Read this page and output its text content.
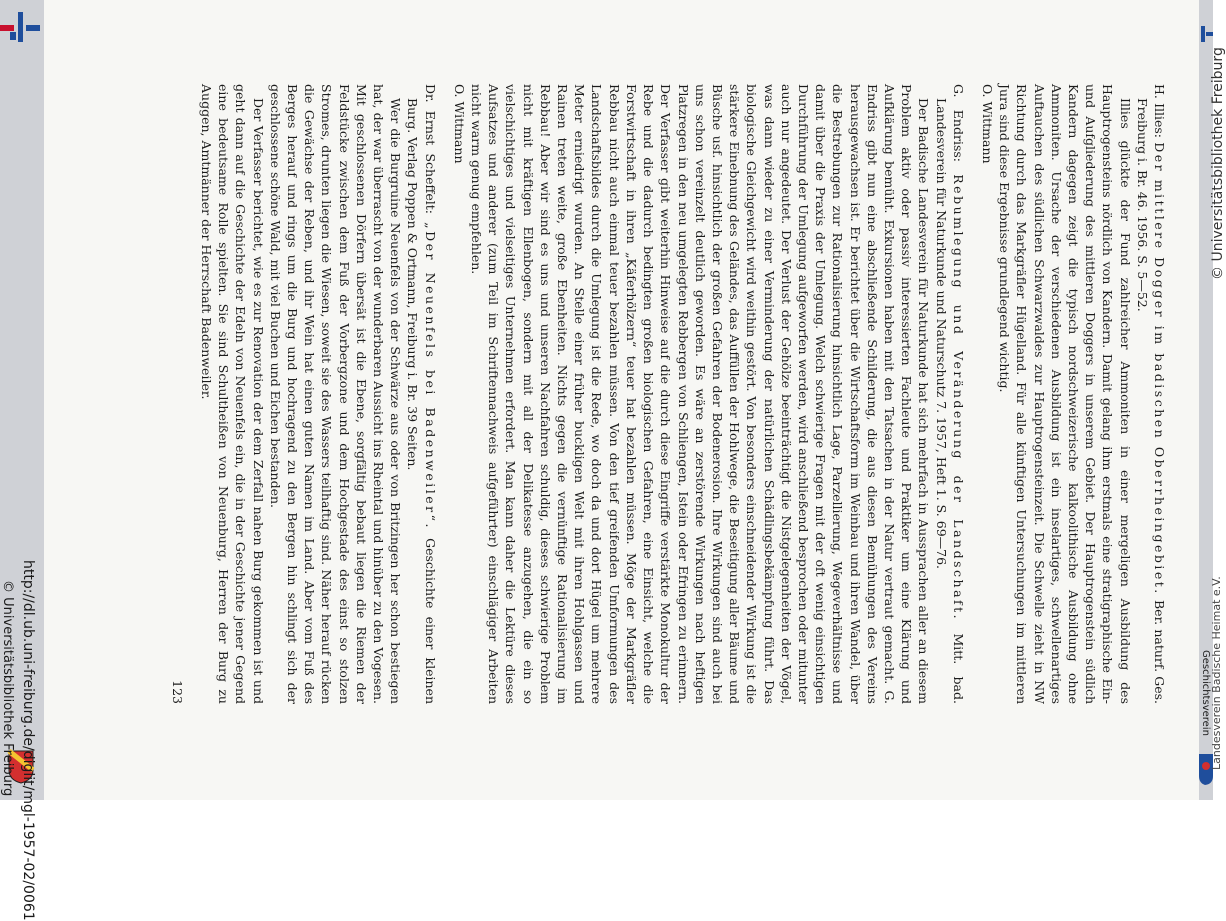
http://dl.ub.uni-freiburg.de/diglit/mgl-1957-02/0061
© Universitätsbibliothek Freiburg
© Universitätsbibliothek Freiburg
Landesverein Badische Heimat e.V.
Geschichtsverein

H. Illies: Der mittlere Dogger im badischen Oberrheingebiet. Ber. naturf. Ges. Freiburg i. Br. 46. 1956. S. 5—52.

Illies glückte der Fund zahlreicher Ammoniten in einer mergeligen Ausbildung des Hauptrogensteins nördlich von Kandern. Damit gelang ihm erstmals eine stratigraphische Ein- und Aufgliederung des mittleren Doggers in unserem Gebiet. Der Hauptrogenstein südlich Kandern dagegen zeigt die typisch nordschweizerische kalkoolithische Ausbildung ohne Ammoniten. Ursache der verschiedenen Ausbildung ist ein inselartiges, schwellenartiges Auftauchen des südlichen Schwarzwaldes zur Hauptrogensteinzeit. Die Schwelle zieht in NW Richtung durch das Markgräfler Hügelland. Für alle künftigen Untersuchungen im mittleren Jura sind diese Ergebnisse grundlegend wichtig.

O. Wittmann

G. Endriss: Rebumlegung und Veränderung der Landschaft. Mitt. bad. Landesverein für Naturkunde und Naturschutz 7. 1957, Heft 1. S. 69—76.

Der Badische Landesverein für Naturkunde hat sich mehrfach in Aussprachen aller an diesem Problem aktiv oder passiv interessierten Fachleute und Praktiker um eine Klärung und Aufklärung bemüht. Exkursionen haben mit den Tatsachen in der Natur vertraut gemacht. G. Endriss gibt nun eine abschließende Schilderung, die aus diesen Bemühungen des Vereins herausgewachsen ist. Er berichtet über die Wirtschaftsform im Weinbau und ihren Wandel, über die Bestrebungen zur Rationalisierung hinsichtlich Lage, Parzellierung, Wegeverhältnisse und damit über die Praxis der Umlegung. Welch schwierige Fragen mit der oft wenig einsichtigen Durchführung der Umlegung aufgeworfen werden, wird anschließend besprochen oder mitunter auch nur angedeutet. Der Verlust der Gehölze beeinträchtigt die Nistgelegenheiten der Vögel, was dann wieder zu einer Verminderung der natürlichen Schädlingsbekämpfung führt. Das biologische Gleichgewicht wird weithin gestört. Von besonders einschneidender Wirkung ist die stärkere Einebnung des Geländes, das Auffüllen der Hohlwege, die Beseitigung aller Bäume und Büsche usf. hinsichtlich der großen Gefahren der Bodenerosion. Ihre Wirkungen sind auch bei uns schon vereinzelt deutlich geworden. Es wäre an zerstörende Wirkungen nach heftigen Platzregen in den neu umgelegten Rebbergen von Schliengen, Istein oder Efringen zu erinnern. Der Verfasser gibt weiterhin Hinweise auf die durch diese Eingriffe verstärkte Monokultur der Rebe und die dadurch bedingten großen biologischen Gefahren, eine Einsicht, welche die Forstwirtschaft in ihren „Käferhölzern“ teuer hat bezahlen müssen. Möge der Markgräfler Rebbau nicht auch einmal teuer bezahlen müssen. Von den tief greifenden Umformungen des Landschaftsbildes durch die Umlegung ist die Rede, wo doch da und dort Hügel um mehrere Meter erniedrigt wurden. An Stelle einer früher buckligen Welt mit ihren Hohlgassen und Rainen treten weite, große Ebenheiten. Nichts gegen die vernünftige Rationalisierung im Rebbau! Aber wir sind es uns und unseren Nachfahren schuldig, dieses schwierige Problem nicht mit kräftigen Ellenbogen, sondern mit all der Delikatesse anzugehen, die ein so vielschichtiges und vielseitiges Unternehmen erfordert. Man kann daher die Lektüre dieses Aufsatzes und anderer (zum Teil im Schriftennachweis aufgeführter) einschlägiger Arbeiten nicht warm genug empfehlen.

O. Wittmann

Dr. Ernst Scheffelt: „Der Neuenfels bei Badenweiler“. Geschichte einer kleinen Burg. Verlag Poppen & Ortmann, Freiburg i. Br. 39 Seiten.

Wer die Burgruine Neuenfels von der Schwärze aus oder von Britzingen her schon bestiegen hat, der war überrascht von der wunderbaren Aussicht ins Rheintal und hinüber zu den Vogesen. Mit geschlossenen Dörfern übersät ist die Ebene, sorgfältig bebaut liegen die Riemen der Feldstücke zwischen dem Fuß der Vorbergzone und dem Hochgestade des einst so stolzen Stromes, drunten liegen die Wiesen, soweit sie des Wassers teilhaftig sind. Näher herauf rücken die Gewächse der Reben, und ihr Wein hat einen guten Namen im Land. Aber vom Fuß des Berges herauf und rings um die Burg und hochragend zu den Bergen hin schlingt sich der geschlossene schöne Wald, mit viel Buchen und Eichen bestanden.

Der Verfasser berichtet, wie es zur Renovation der dem Zerfall nahen Burg gekommen ist und geht dann auf die Geschichte der Edeln von Neuenfels ein, die in der Geschichte jener Gegend eine bedeutsame Rolle spielten. Sie sind Schultheißen von Neuenburg, Herren der Burg zu Auggen, Amtmänner der Herrschaft Badenweiler.

123
